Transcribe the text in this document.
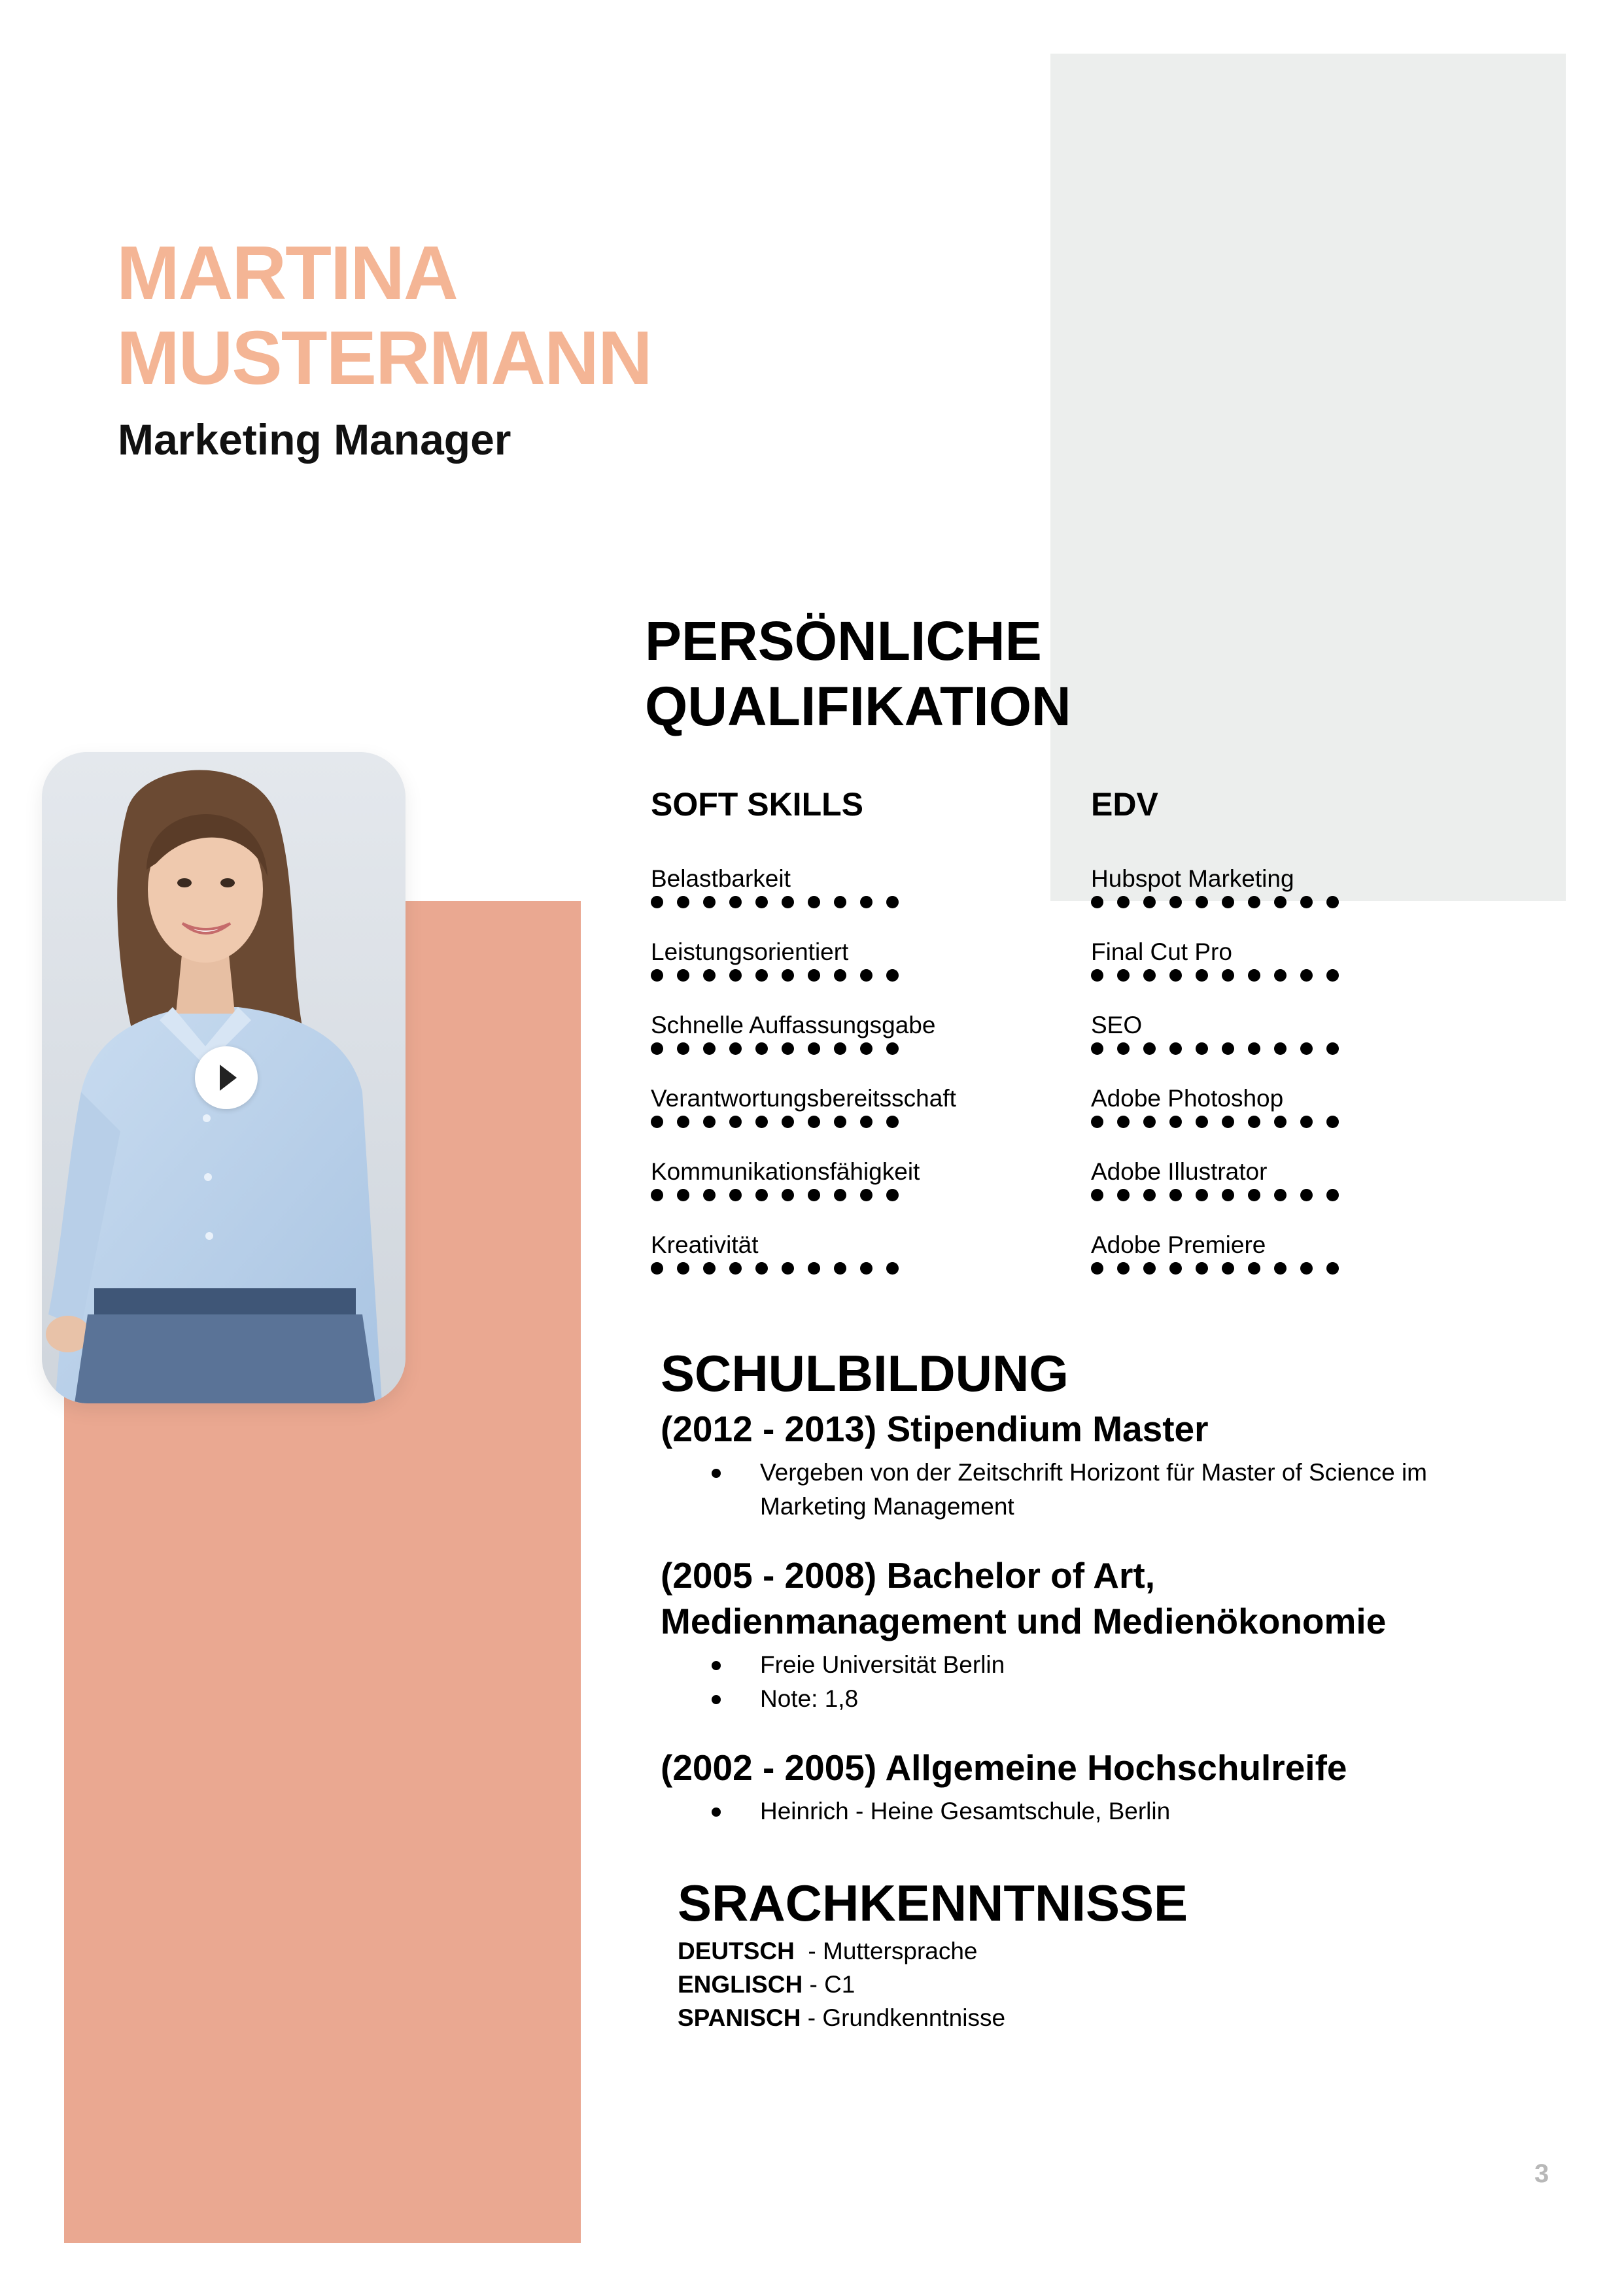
MARTINA
MUSTERMANN
Marketing Manager
PERSÖNLICHE
QUALIFIKATION
SOFT SKILLS
Belastbarkeit
Leistungsorientiert
Schnelle Auffassungsgabe
Verantwortungsbereitsschaft
Kommunikationsfähigkeit
Kreativität
EDV
Hubspot Marketing
Final Cut Pro
SEO
Adobe Photoshop
Adobe Illustrator
Adobe Premiere
SCHULBILDUNG
(2012 - 2013) Stipendium Master
Vergeben von der Zeitschrift Horizont für Master of Science im
Marketing Management
(2005 - 2008) Bachelor of Art,
Medienmanagement und Medienökonomie
Freie Universität Berlin
Note: 1,8
(2002 - 2005) Allgemeine Hochschulreife
Heinrich - Heine Gesamtschule, Berlin
SRACHKENNTNISSE
DEUTSCH  - Muttersprache
ENGLISCH - C1
SPANISCH - Grundkenntnisse
3
